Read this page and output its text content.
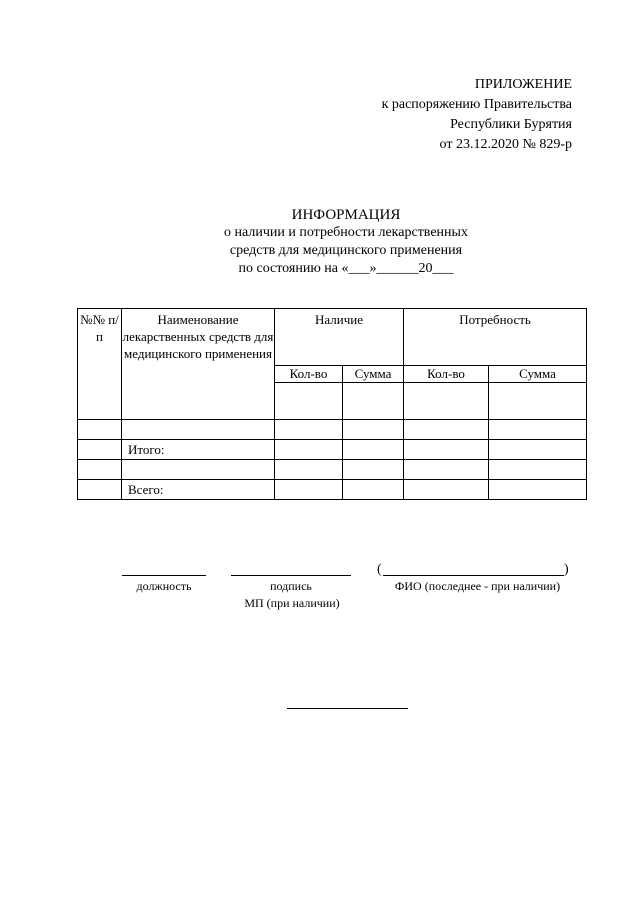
ПРИЛОЖЕНИЕ
к распоряжению Правительства
Республики Бурятия
от 23.12.2020 № 829-р
ИНФОРМАЦИЯ
о наличии и потребности лекарственных
средств для медицинского применения
по состоянию на «___»______20___
№№ п/п	Наименование лекарственных средств для медицинского применения	Наличие		Потребность	
		Кол-во	Сумма	Кол-во	Сумма

	Итого:				

	Всего:				
должность	подпись
(	)
ФИО (последнее - при наличии)
МП (при наличии)
